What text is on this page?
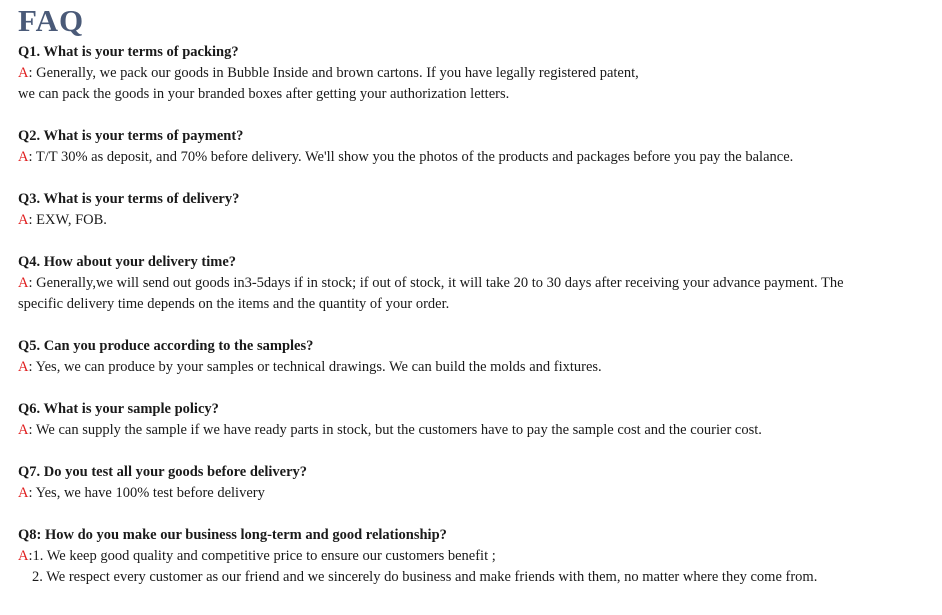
FAQ
Q1. What is your terms of packing?
A: Generally, we pack our goods in Bubble Inside and brown cartons. If you have legally registered patent,
we can pack the goods in your branded boxes after getting your authorization letters.
Q2. What is your terms of payment?
A: T/T 30% as deposit, and 70% before delivery. We'll show you the photos of the products and packages before you pay the balance.
Q3. What is your terms of delivery?
A: EXW, FOB.
Q4. How about your delivery time?
A: Generally,we will send out goods in3-5days if in stock; if out of stock, it will take 20 to 30 days after receiving your advance payment. The
specific delivery time depends on the items and the quantity of your order.
Q5. Can you produce according to the samples?
A: Yes, we can produce by your samples or technical drawings. We can build the molds and fixtures.
Q6. What is your sample policy?
A: We can supply the sample if we have ready parts in stock, but the customers have to pay the sample cost and the courier cost.
Q7. Do you test all your goods before delivery?
A: Yes, we have 100% test before delivery
Q8: How do you make our business long-term and good relationship?
A:1. We keep good quality and competitive price to ensure our customers benefit ;
2. We respect every customer as our friend and we sincerely do business and make friends with them, no matter where they come from.
